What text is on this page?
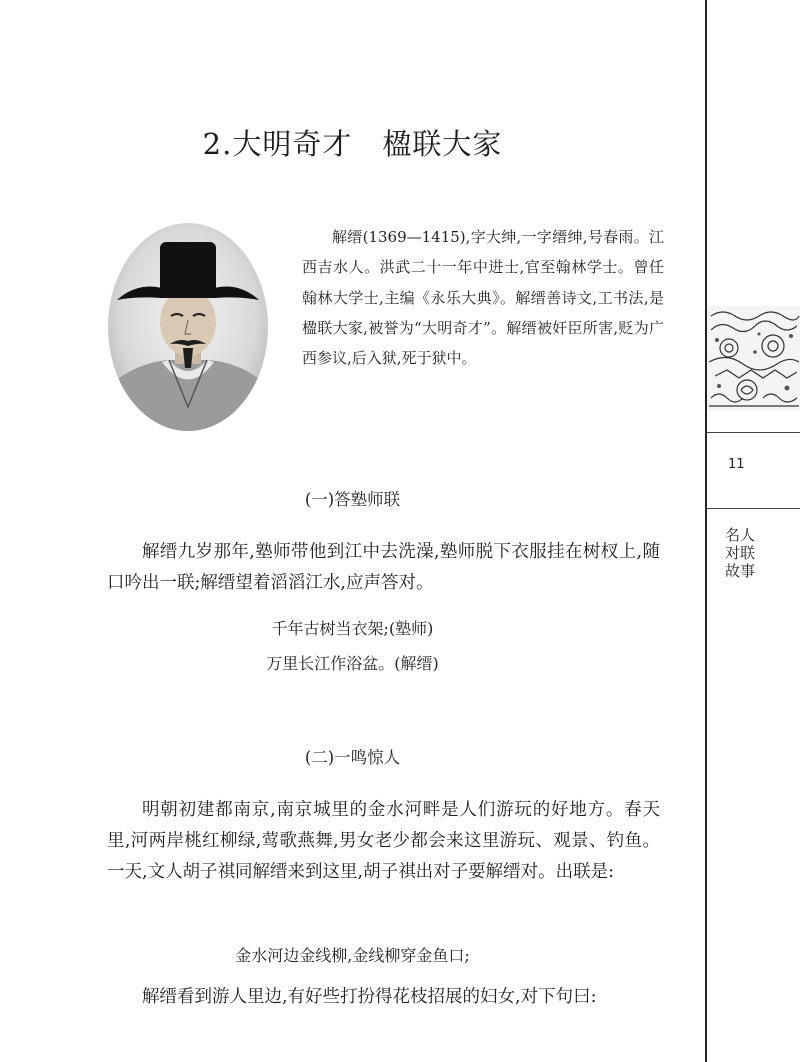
2.大明奇才　楹联大家

解缙(1369—1415),字大绅,一字缙绅,号春雨。江西吉水人。洪武二十一年中进士,官至翰林学士。曾任翰林大学士,主编《永乐大典》。解缙善诗文,工书法,是楹联大家,被誉为“大明奇才”。解缙被奸臣所害,贬为广西参议,后入狱,死于狱中。

(一)答塾师联

解缙九岁那年,塾师带他到江中去洗澡,塾师脱下衣服挂在树杈上,随口吟出一联;解缙望着滔滔江水,应声答对。

千年古树当衣架;(塾师)
万里长江作浴盆。(解缙)
(二)一鸣惊人

明朝初建都南京,南京城里的金水河畔是人们游玩的好地方。春天里,河两岸桃红柳绿,莺歌燕舞,男女老少都会来这里游玩、观景、钓鱼。一天,文人胡子祺同解缙来到这里,胡子祺出对子要解缙对。出联是:

金水河边金线柳,金线柳穿金鱼口;

解缙看到游人里边,有好些打扮得花枝招展的妇女,对下句曰:

11
名人对联故事
